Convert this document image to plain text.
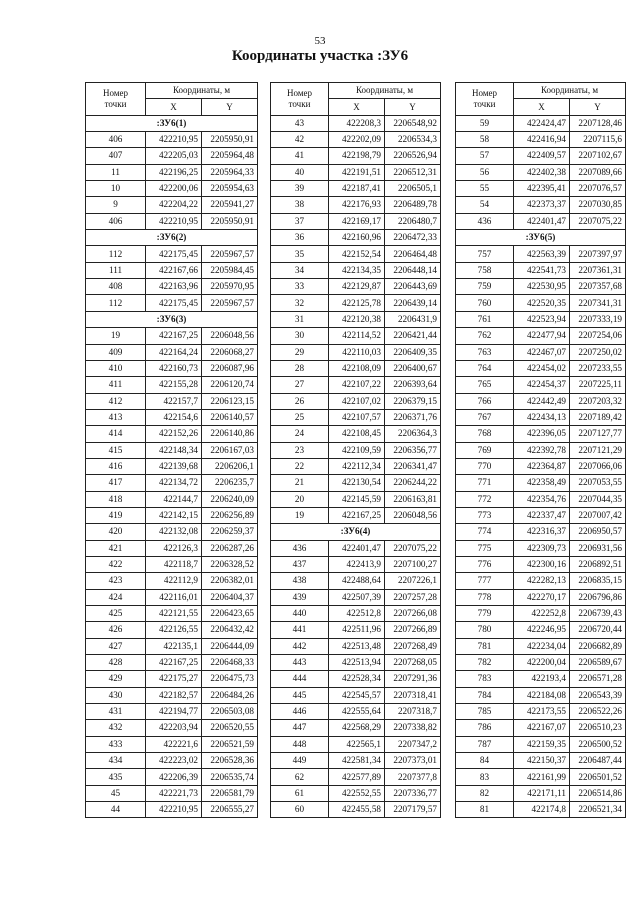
53
Координаты участка :ЗУ6
Номер
точки	Координаты, м	
	X	Y
:ЗУ6(1)		
406	422210,95	2205950,91
407	422205,03	2205964,48
11	422196,25	2205964,33
10	422200,06	2205954,63
9	422204,22	2205941,27
406	422210,95	2205950,91
:ЗУ6(2)		
112	422175,45	2205967,57
111	422167,66	2205984,45
408	422163,96	2205970,95
112	422175,45	2205967,57
:ЗУ6(3)		
19	422167,25	2206048,56
409	422164,24	2206068,27
410	422160,73	2206087,96
411	422155,28	2206120,74
412	422157,7	2206123,15
413	422154,6	2206140,57
414	422152,26	2206140,86
415	422148,34	2206167,03
416	422139,68	2206206,1
417	422134,72	2206235,7
418	422144,7	2206240,09
419	422142,15	2206256,89
420	422132,08	2206259,37
421	422126,3	2206287,26
422	422118,7	2206328,52
423	422112,9	2206382,01
424	422116,01	2206404,37
425	422121,55	2206423,65
426	422126,55	2206432,42
427	422135,1	2206444,09
428	422167,25	2206468,33
429	422175,27	2206475,73
430	422182,57	2206484,26
431	422194,77	2206503,08
432	422203,94	2206520,55
433	422221,6	2206521,59
434	422223,02	2206528,36
435	422206,39	2206535,74
45	422221,73	2206581,79
44	422210,95	2206555,27
Номер
точки	Координаты, м	
	X	Y
43	422208,3	2206548,92
42	422202,09	2206534,3
41	422198,79	2206526,94
40	422191,51	2206512,31
39	422187,41	2206505,1
38	422176,93	2206489,78
37	422169,17	2206480,7
36	422160,96	2206472,33
35	422152,54	2206464,48
34	422134,35	2206448,14
33	422129,87	2206443,69
32	422125,78	2206439,14
31	422120,38	2206431,9
30	422114,52	2206421,44
29	422110,03	2206409,35
28	422108,09	2206400,67
27	422107,22	2206393,64
26	422107,02	2206379,15
25	422107,57	2206371,76
24	422108,45	2206364,3
23	422109,59	2206356,77
22	422112,34	2206341,47
21	422130,54	2206244,22
20	422145,59	2206163,81
19	422167,25	2206048,56
:ЗУ6(4)		
436	422401,47	2207075,22
437	422413,9	2207100,27
438	422488,64	2207226,1
439	422507,39	2207257,28
440	422512,8	2207266,08
441	422511,96	2207266,89
442	422513,48	2207268,49
443	422513,94	2207268,05
444	422528,34	2207291,36
445	422545,57	2207318,41
446	422555,64	2207318,7
447	422568,29	2207338,82
448	422565,1	2207347,2
449	422581,34	2207373,01
62	422577,89	2207377,8
61	422552,55	2207336,77
60	422455,58	2207179,57
Номер
точки	Координаты, м	
	X	Y
59	422424,47	2207128,46
58	422416,94	2207115,6
57	422409,57	2207102,67
56	422402,38	2207089,66
55	422395,41	2207076,57
54	422373,37	2207030,85
436	422401,47	2207075,22
:ЗУ6(5)		
757	422563,39	2207397,97
758	422541,73	2207361,31
759	422530,95	2207357,68
760	422520,35	2207341,31
761	422523,94	2207333,19
762	422477,94	2207254,06
763	422467,07	2207250,02
764	422454,02	2207233,55
765	422454,37	2207225,11
766	422442,49	2207203,32
767	422434,13	2207189,42
768	422396,05	2207127,77
769	422392,78	2207121,29
770	422364,87	2207066,06
771	422358,49	2207053,55
772	422354,76	2207044,35
773	422337,47	2207007,42
774	422316,37	2206950,57
775	422309,73	2206931,56
776	422300,16	2206892,51
777	422282,13	2206835,15
778	422270,17	2206796,86
779	422252,8	2206739,43
780	422246,95	2206720,44
781	422234,04	2206682,89
782	422200,04	2206589,67
783	422193,4	2206571,28
784	422184,08	2206543,39
785	422173,55	2206522,26
786	422167,07	2206510,23
787	422159,35	2206500,52
84	422150,37	2206487,44
83	422161,99	2206501,52
82	422171,11	2206514,86
81	422174,8	2206521,34
